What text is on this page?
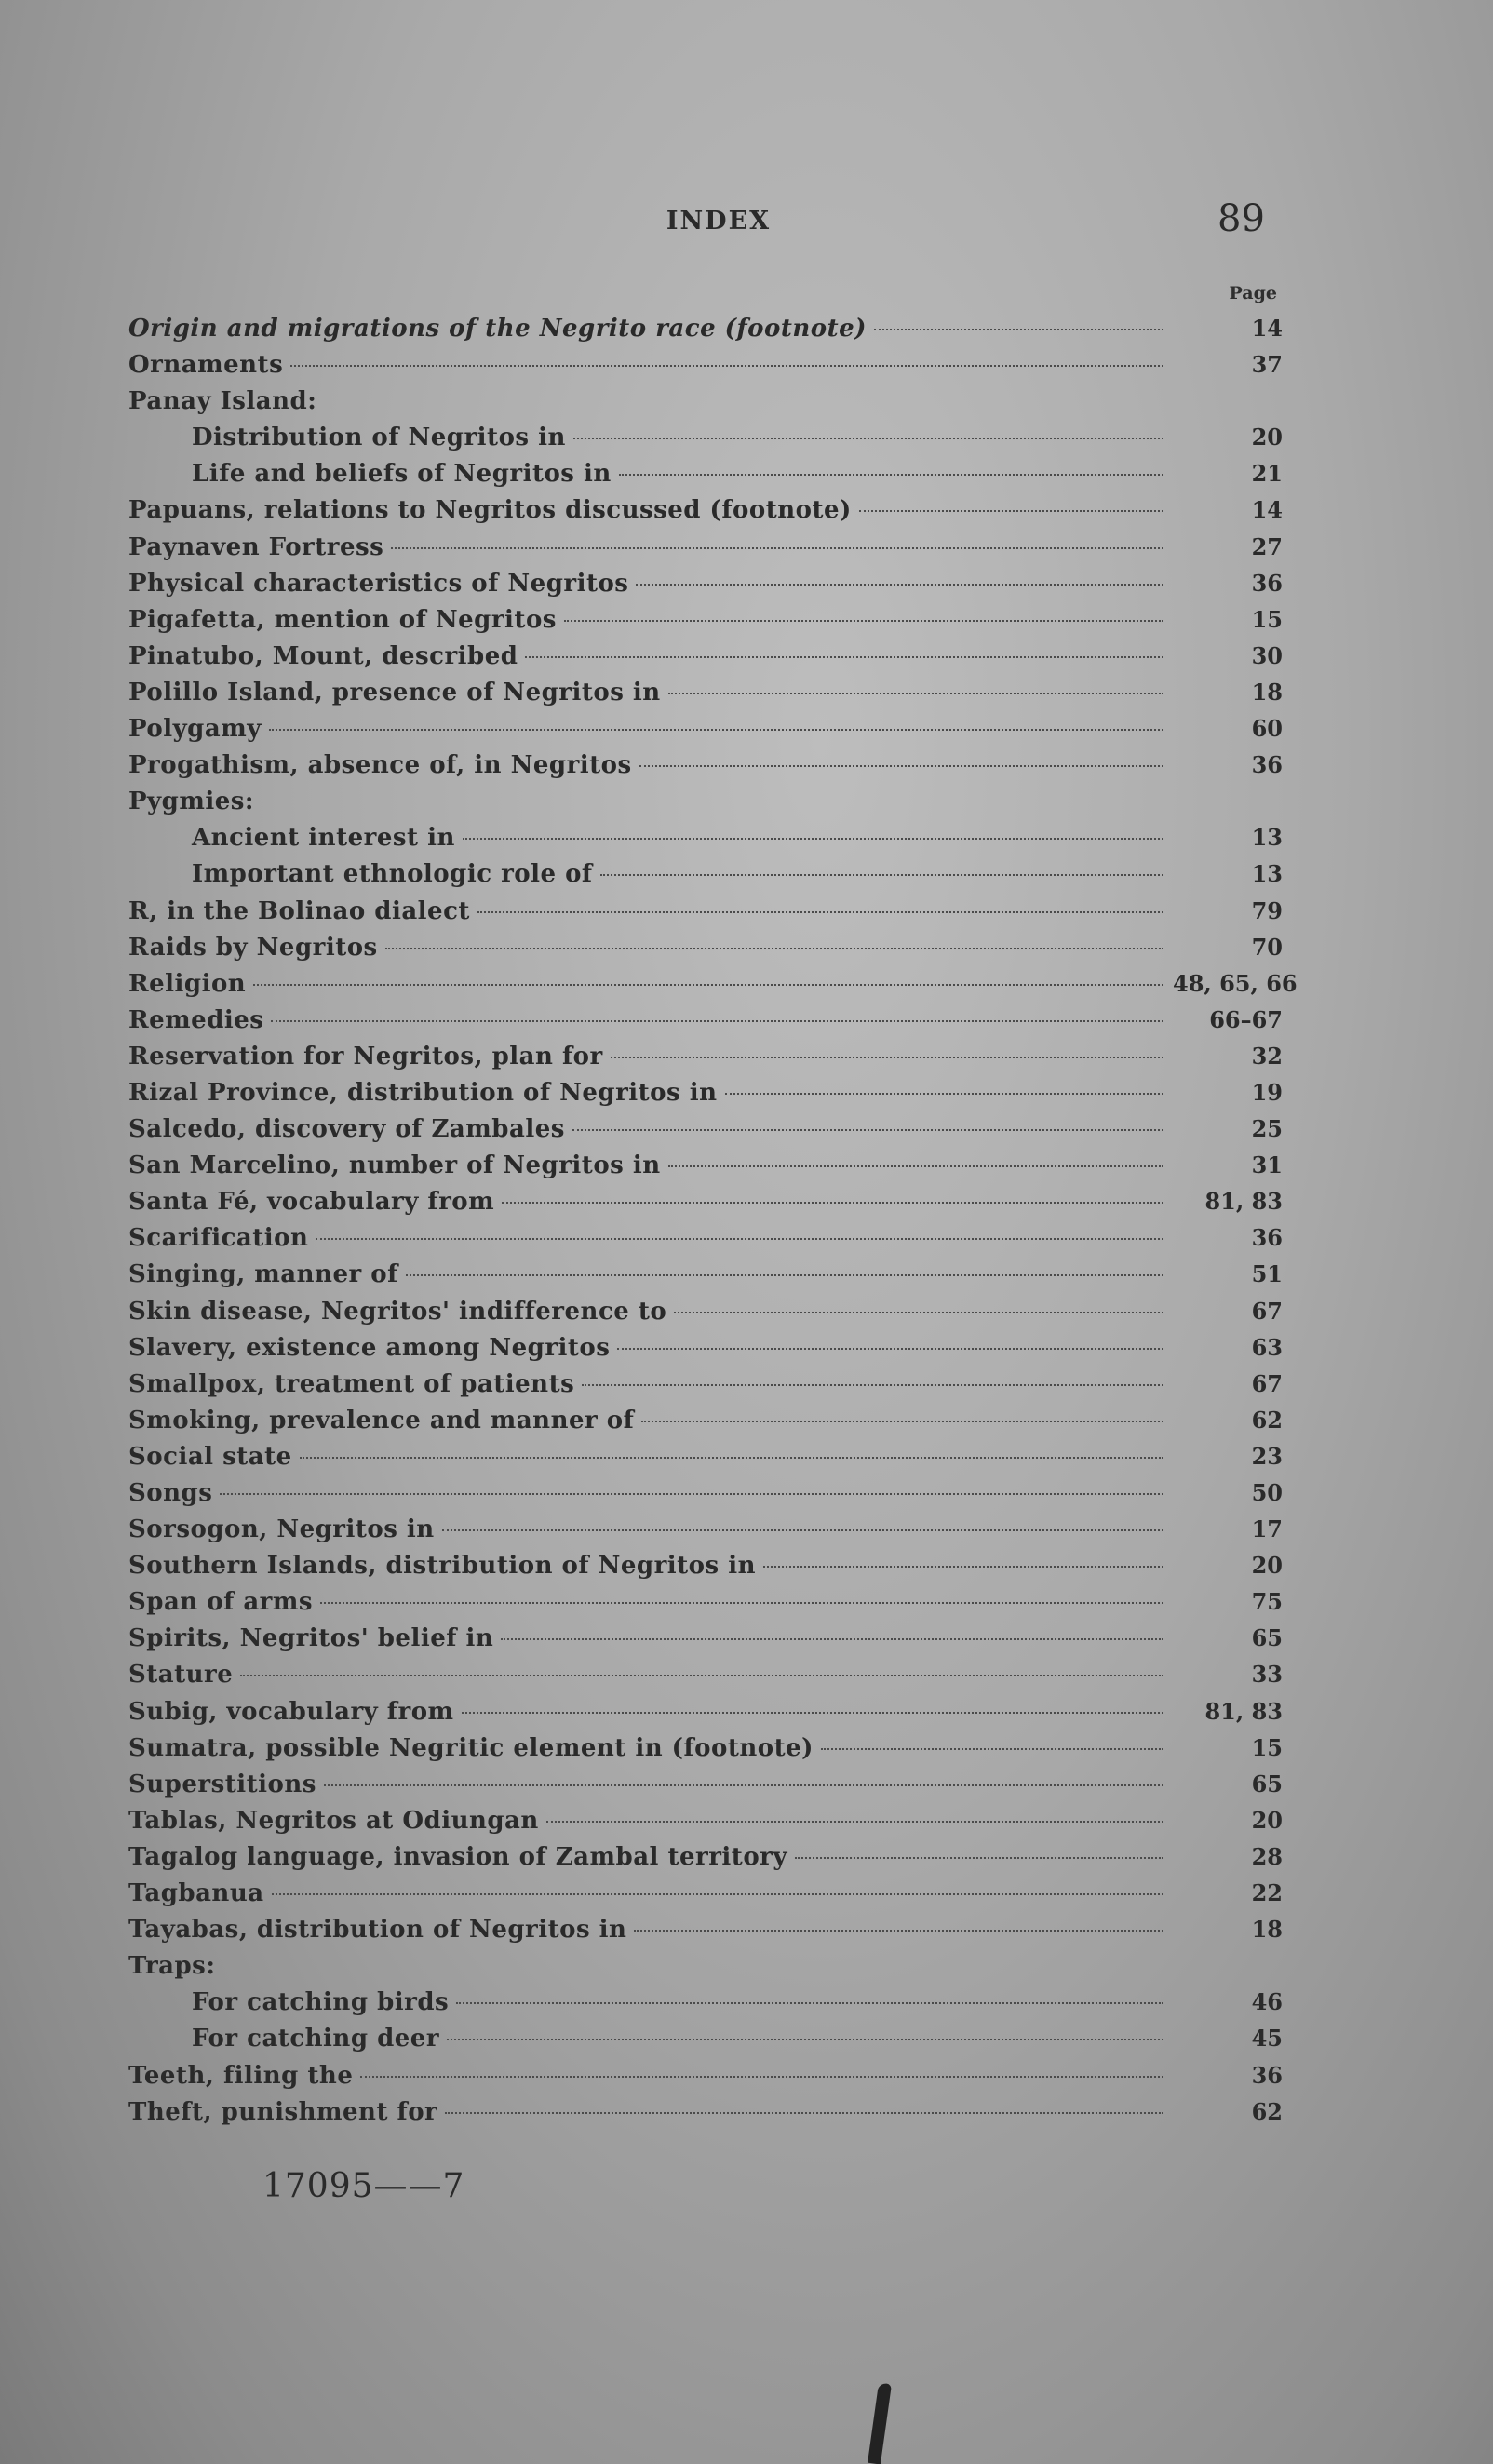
INDEX	89
Page
Origin and migrations of the Negrito race (footnote)	14
Ornaments	37
Panay Island:
Distribution of Negritos in	20
Life and beliefs of Negritos in	21
Papuans, relations to Negritos discussed (footnote)	14
Paynaven Fortress	27
Physical characteristics of Negritos	36
Pigafetta, mention of Negritos	15
Pinatubo, Mount, described	30
Polillo Island, presence of Negritos in	18
Polygamy	60
Progathism, absence of, in Negritos	36
Pygmies:
Ancient interest in	13
Important ethnologic role of	13
R, in the Bolinao dialect	79
Raids by Negritos	70
Religion	48, 65, 66
Remedies	66–67
Reservation for Negritos, plan for	32
Rizal Province, distribution of Negritos in	19
Salcedo, discovery of Zambales	25
San Marcelino, number of Negritos in	31
Santa Fé, vocabulary from	81, 83
Scarification	36
Singing, manner of	51
Skin disease, Negritos' indifference to	67
Slavery, existence among Negritos	63
Smallpox, treatment of patients	67
Smoking, prevalence and manner of	62
Social state	23
Songs	50
Sorsogon, Negritos in	17
Southern Islands, distribution of Negritos in	20
Span of arms	75
Spirits, Negritos' belief in	65
Stature	33
Subig, vocabulary from	81, 83
Sumatra, possible Negritic element in (footnote)	15
Superstitions	65
Tablas, Negritos at Odiungan	20
Tagalog language, invasion of Zambal territory	28
Tagbanua	22
Tayabas, distribution of Negritos in	18
Traps:
For catching birds	46
For catching deer	45
Teeth, filing the	36
Theft, punishment for	62
17095——7
